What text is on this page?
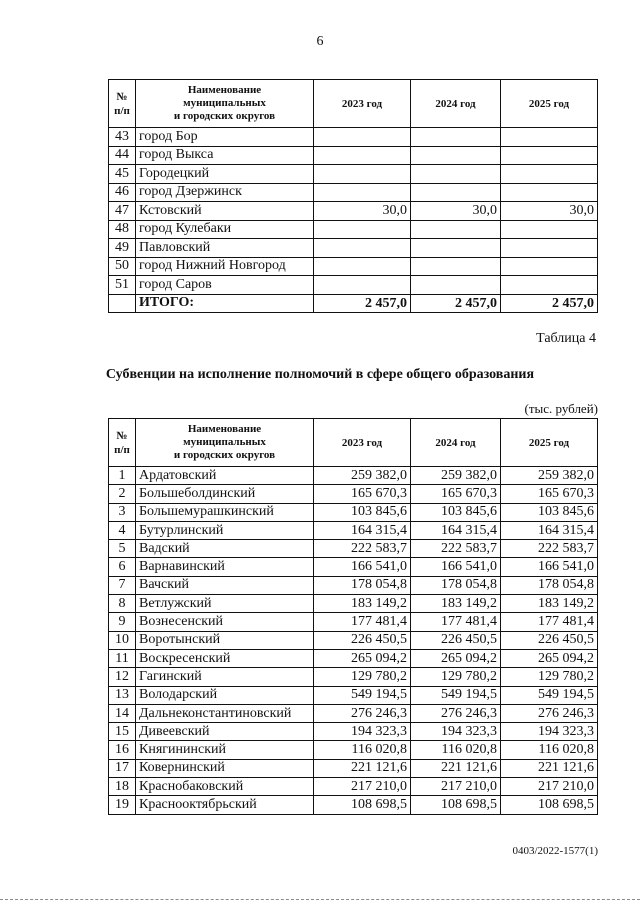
6
№
п/п	Наименование
муниципальных
и городских округов	2023 год	2024 год	2025 год
43	город Бор			
44	город Выкса			
45	Городецкий			
46	город Дзержинск			
47	Кстовский	30,0	30,0	30,0
48	город Кулебаки			
49	Павловский			
50	город Нижний Новгород			
51	город Саров			
	ИТОГО:	2 457,0	2 457,0	2 457,0
Таблица 4
Субвенции на исполнение полномочий в сфере общего образования
(тыс. рублей)
№
п/п	Наименование
муниципальных
и городских округов	2023 год	2024 год	2025 год
1	Ардатовский	259 382,0	259 382,0	259 382,0
2	Большеболдинский	165 670,3	165 670,3	165 670,3
3	Большемурашкинский	103 845,6	103 845,6	103 845,6
4	Бутурлинский	164 315,4	164 315,4	164 315,4
5	Вадский	222 583,7	222 583,7	222 583,7
6	Варнавинский	166 541,0	166 541,0	166 541,0
7	Вачский	178 054,8	178 054,8	178 054,8
8	Ветлужский	183 149,2	183 149,2	183 149,2
9	Вознесенский	177 481,4	177 481,4	177 481,4
10	Воротынский	226 450,5	226 450,5	226 450,5
11	Воскресенский	265 094,2	265 094,2	265 094,2
12	Гагинский	129 780,2	129 780,2	129 780,2
13	Володарский	549 194,5	549 194,5	549 194,5
14	Дальнеконстантиновский	276 246,3	276 246,3	276 246,3
15	Дивеевский	194 323,3	194 323,3	194 323,3
16	Княгининский	116 020,8	116 020,8	116 020,8
17	Ковернинский	221 121,6	221 121,6	221 121,6
18	Краснобаковский	217 210,0	217 210,0	217 210,0
19	Краснооктябрьский	108 698,5	108 698,5	108 698,5
0403/2022-1577(1)
